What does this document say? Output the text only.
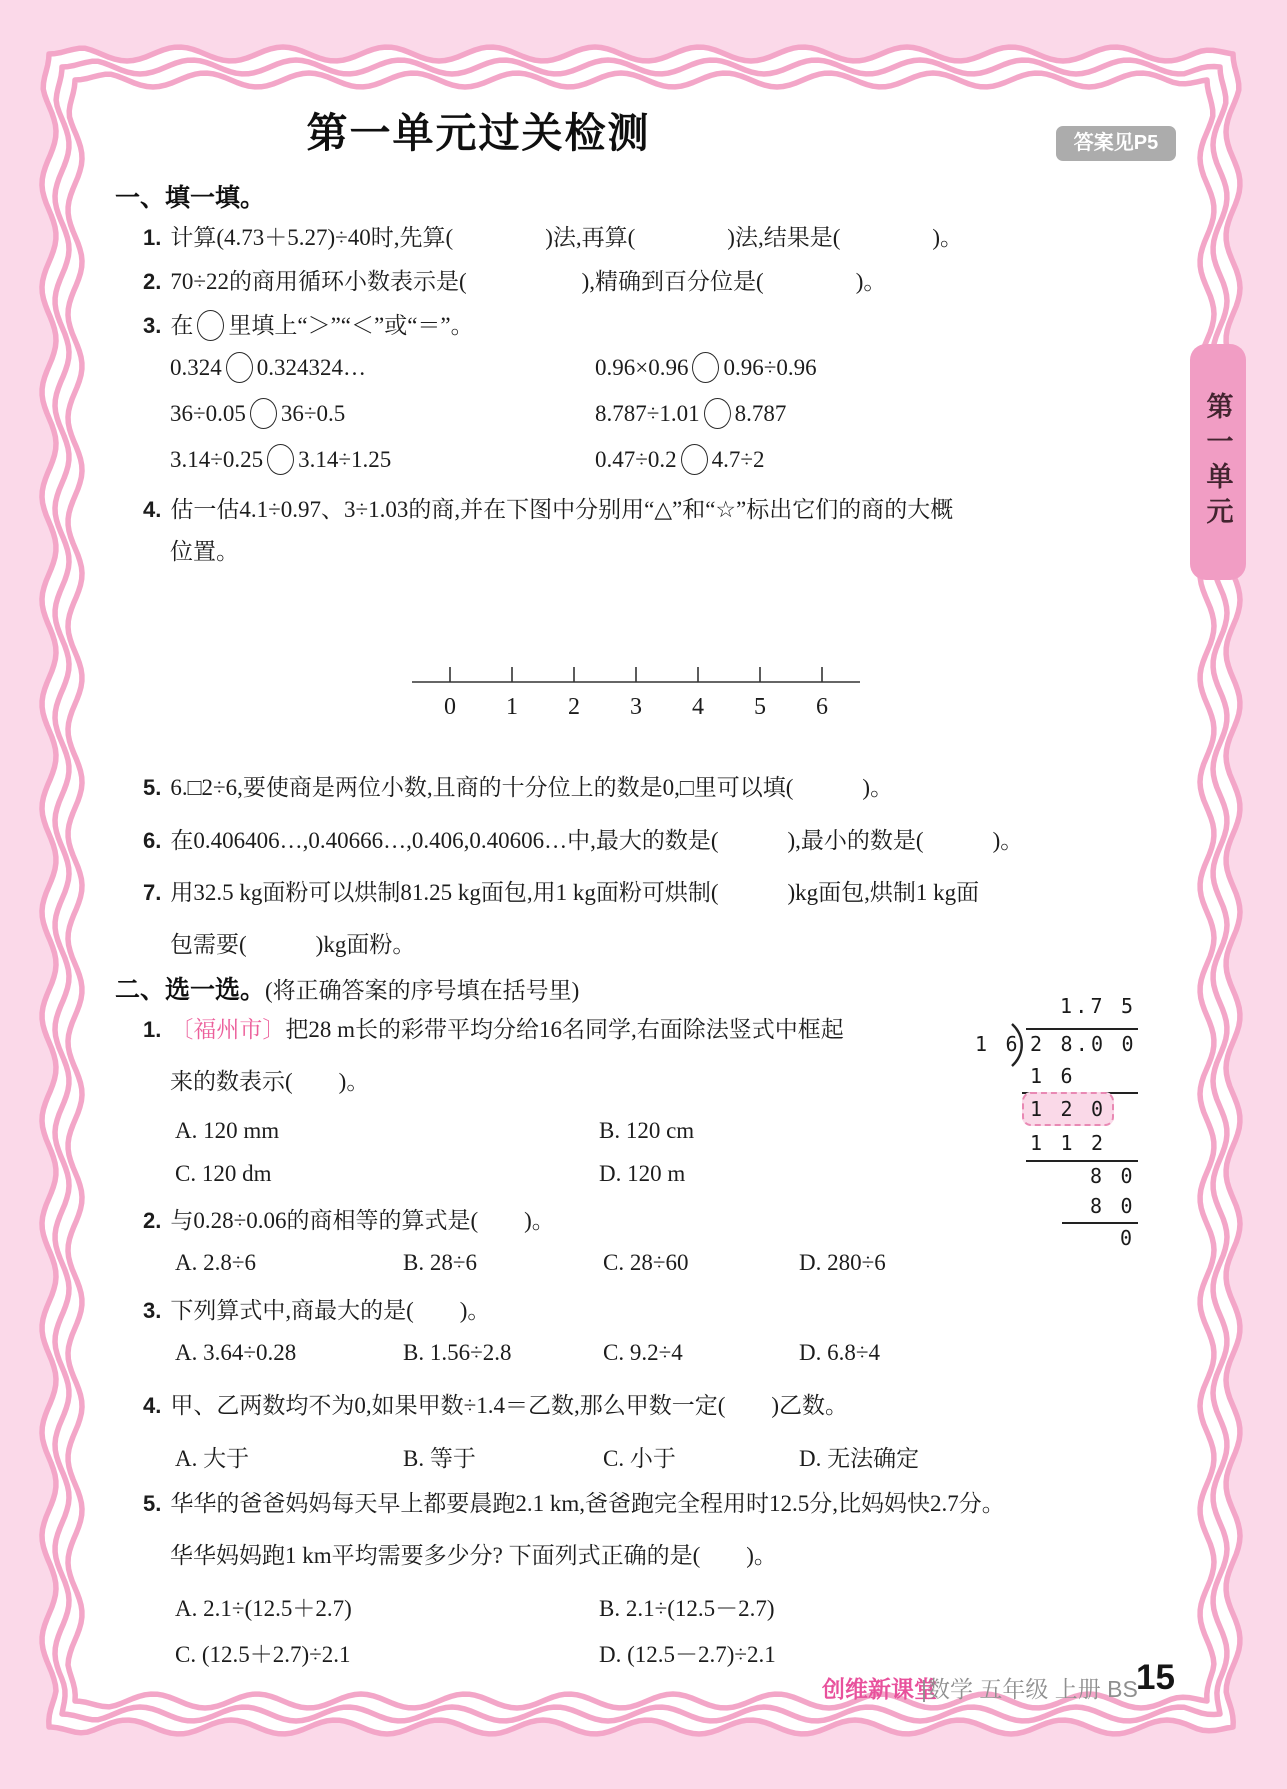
第一单元过关检测	答案见P5
第一单元
一、填一填。
1. 计算(4.73＋5.27)÷40时,先算(　　　　)法,再算(　　　　)法,结果是(　　　　)。
2. 70÷22的商用循环小数表示是(　　　　　),精确到百分位是(　　　　)。
3. 在 里填上“＞”“＜”或“＝”。
0.324 0.324324…	0.96×0.96 0.96÷0.96
36÷0.05 36÷0.5	8.787÷1.01 8.787
3.14÷0.25 3.14÷1.25	0.47÷0.2 4.7÷2
4. 估一估4.1÷0.97、3÷1.03的商,并在下图中分别用“△”和“☆”标出它们的商的大概
位置。
0 1 2 3 4 5 6
5. 6.□2÷6,要使商是两位小数,且商的十分位上的数是0,□里可以填(　　　)。
6. 在0.406406…,0.40666…,0.406,0.40606…中,最大的数是(　　　),最小的数是(　　　)。
7. 用32.5 kg面粉可以烘制81.25 kg面包,用1 kg面粉可烘制(　　　)kg面包,烘制1 kg面
包需要(　　　)kg面粉。
二、选一选。(将正确答案的序号填在括号里)
1. 〔福州市〕把28 m长的彩带平均分给16名同学,右面除法竖式中框起
来的数表示(　　)。
A. 120 mm	B. 120 cm
C. 120 dm	D. 120 m
1.7 5
1 6 2 8.0 0
1 6
1 2 0
1 1 2
8 0
8 0
0
2. 与0.28÷0.06的商相等的算式是(　　)。
A. 2.8÷6	B. 28÷6	C. 28÷60	D. 280÷6
3. 下列算式中,商最大的是(　　)。
A. 3.64÷0.28	B. 1.56÷2.8	C. 9.2÷4	D. 6.8÷4
4. 甲、乙两数均不为0,如果甲数÷1.4＝乙数,那么甲数一定(　　)乙数。
A. 大于	B. 等于	C. 小于	D. 无法确定
5. 华华的爸爸妈妈每天早上都要晨跑2.1 km,爸爸跑完全程用时12.5分,比妈妈快2.7分。
华华妈妈跑1 km平均需要多少分? 下面列式正确的是(　　)。
A. 2.1÷(12.5＋2.7)	B. 2.1÷(12.5－2.7)
C. (12.5＋2.7)÷2.1	D. (12.5－2.7)÷2.1
创维新课堂
|数学 五年级 上册 BS
15
